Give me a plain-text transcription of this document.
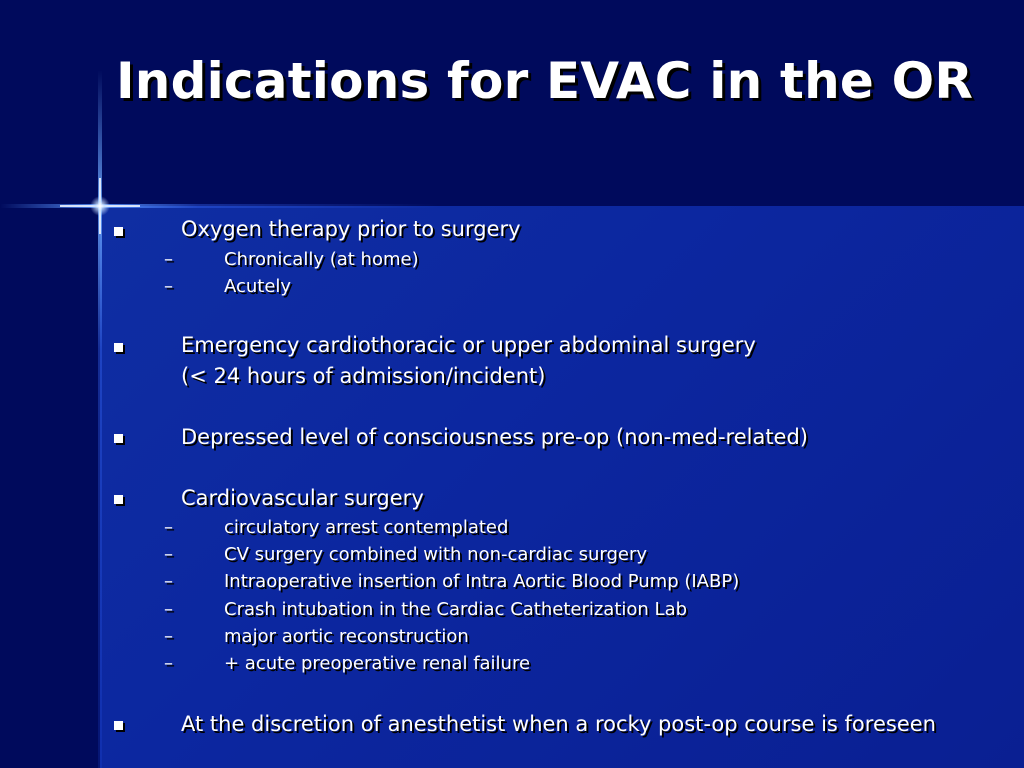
Indications for EVAC in the OR
Oxygen therapy prior to surgery
–	Chronically (at home)
–	Acutely
Emergency cardiothoracic or upper abdominal surgery
(< 24 hours of admission/incident)
Depressed level of consciousness pre-op (non-med-related)
Cardiovascular surgery
–	circulatory arrest contemplated
–	CV surgery combined with non-cardiac surgery
–	Intraoperative insertion of Intra Aortic Blood Pump (IABP)
–	Crash intubation in the Cardiac Catheterization Lab
–	major aortic reconstruction
–	+ acute preoperative renal failure
At the discretion of anesthetist when a rocky post-op course is foreseen
